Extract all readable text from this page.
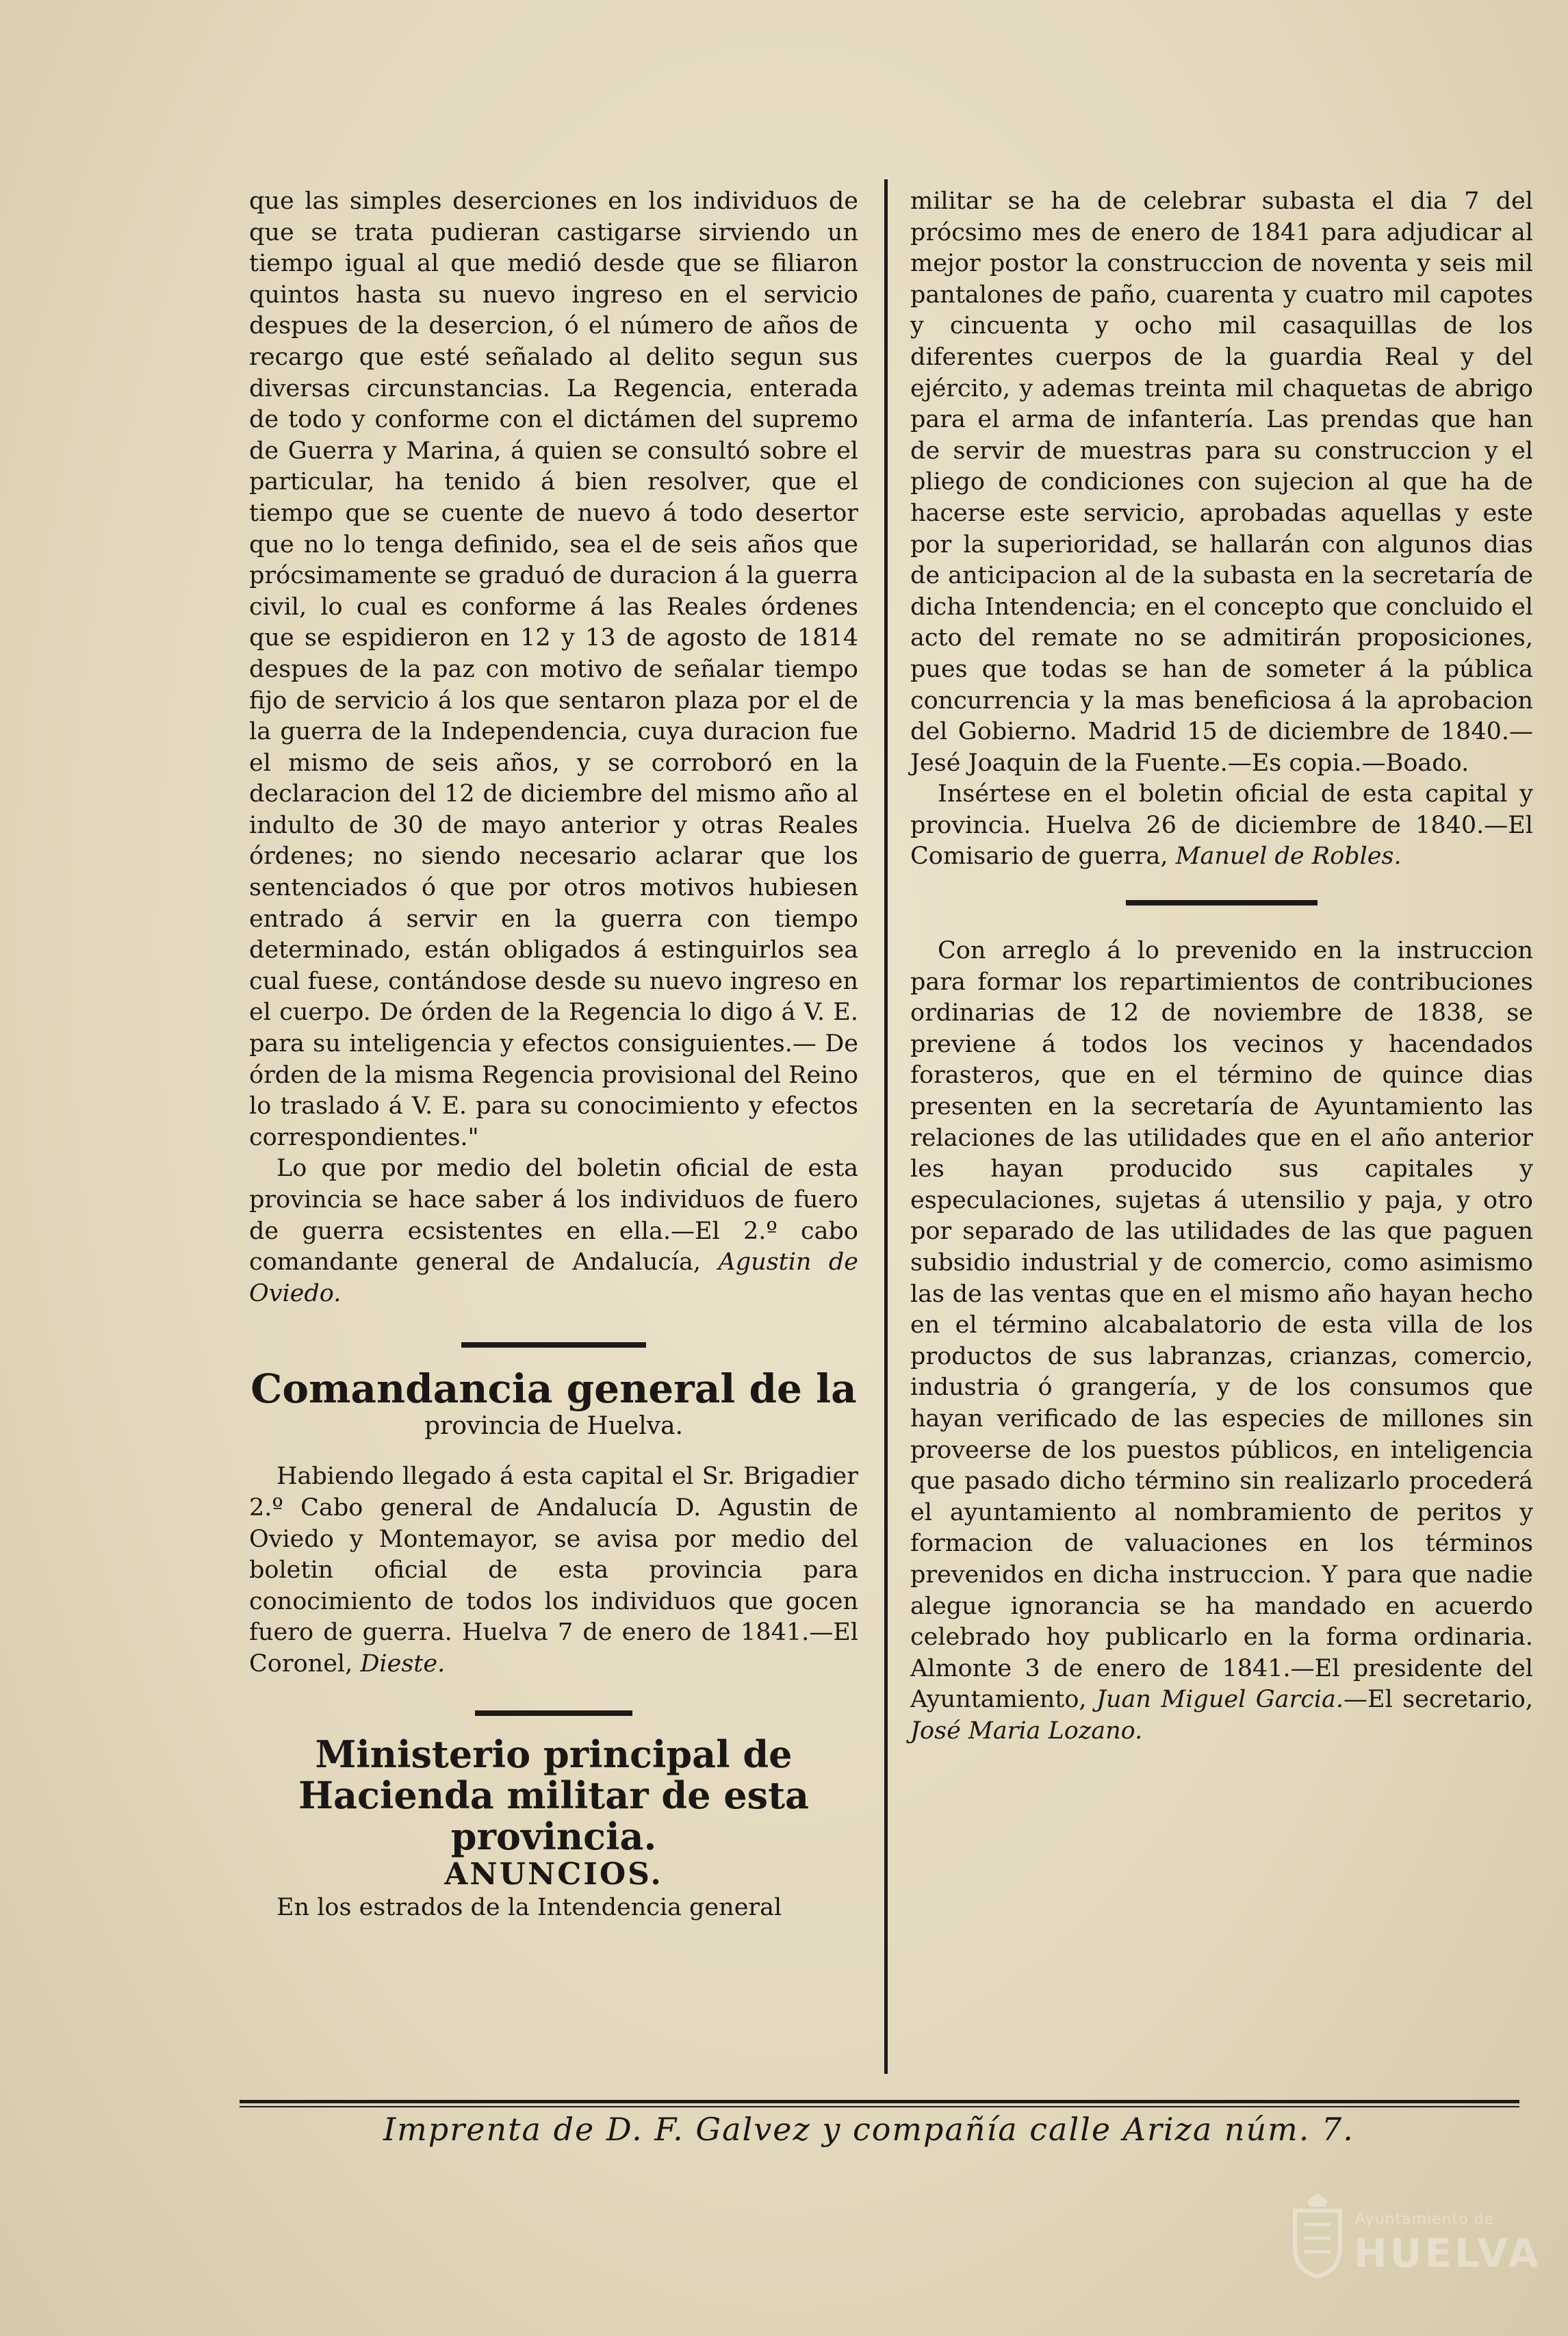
que las simples deserciones en los individuos de que se trata pudieran castigarse sirviendo un tiempo igual al que medió desde que se filiaron quintos hasta su nuevo ingreso en el servicio despues de la desercion, ó el número de años de recargo que esté señalado al delito segun sus diversas circunstancias. La Regencia, enterada de todo y conforme con el dictámen del supremo de Guerra y Marina, á quien se consultó sobre el particular, ha tenido á bien resolver, que el tiempo que se cuente de nuevo á todo desertor que no lo tenga definido, sea el de seis años que prócsimamente se graduó de duracion á la guerra civil, lo cual es conforme á las Reales órdenes que se espidieron en 12 y 13 de agosto de 1814 despues de la paz con motivo de señalar tiempo fijo de servicio á los que sentaron plaza por el de la guerra de la Independencia, cuya duracion fue el mismo de seis años, y se corroboró en la declaracion del 12 de diciembre del mismo año al indulto de 30 de mayo anterior y otras Reales órdenes; no siendo necesario aclarar que los sentenciados ó que por otros motivos hubiesen entrado á servir en la guerra con tiempo determinado, están obligados á estinguirlos sea cual fuese, contándose desde su nuevo ingreso en el cuerpo. De órden de la Regencia lo digo á V. E. para su inteligencia y efectos consiguientes.— De órden de la misma Regencia provisional del Reino lo traslado á V. E. para su conocimiento y efectos correspondientes."

Lo que por medio del boletin oficial de esta provincia se hace saber á los individuos de fuero de guerra ecsistentes en ella.—El 2.º cabo comandante general de Andalucía, Agustin de Oviedo.

Comandancia general de la

provincia de Huelva.

Habiendo llegado á esta capital el Sr. Brigadier 2.º Cabo general de Andalucía D. Agustin de Oviedo y Montemayor, se avisa por medio del boletin oficial de esta provincia para conocimiento de todos los individuos que gocen fuero de guerra. Huelva 7 de enero de 1841.—El Coronel, Dieste.

Ministerio principal de Hacienda militar de esta provincia.

ANUNCIOS.

En los estrados de la Intendencia general

militar se ha de celebrar subasta el dia 7 del prócsimo mes de enero de 1841 para adjudicar al mejor postor la construccion de noventa y seis mil pantalones de paño, cuarenta y cuatro mil capotes y cincuenta y ocho mil casaquillas de los diferentes cuerpos de la guardia Real y del ejército, y ademas treinta mil chaquetas de abrigo para el arma de infantería. Las prendas que han de servir de muestras para su construccion y el pliego de condiciones con sujecion al que ha de hacerse este servicio, aprobadas aquellas y este por la superioridad, se hallarán con algunos dias de anticipacion al de la subasta en la secretaría de dicha Intendencia; en el concepto que concluido el acto del remate no se admitirán proposiciones, pues que todas se han de someter á la pública concurrencia y la mas beneficiosa á la aprobacion del Gobierno. Madrid 15 de diciembre de 1840.—Jesé Joaquin de la Fuente.—Es copia.—Boado.

Insértese en el boletin oficial de esta capital y provincia. Huelva 26 de diciembre de 1840.—El Comisario de guerra, Manuel de Robles.

Con arreglo á lo prevenido en la instruccion para formar los repartimientos de contribuciones ordinarias de 12 de noviembre de 1838, se previene á todos los vecinos y hacendados forasteros, que en el término de quince dias presenten en la secretaría de Ayuntamiento las relaciones de las utilidades que en el año anterior les hayan producido sus capitales y especulaciones, sujetas á utensilio y paja, y otro por separado de las utilidades de las que paguen subsidio industrial y de comercio, como asimismo las de las ventas que en el mismo año hayan hecho en el término alcabalatorio de esta villa de los productos de sus labranzas, crianzas, comercio, industria ó grangería, y de los consumos que hayan verificado de las especies de millones sin proveerse de los puestos públicos, en inteligencia que pasado dicho término sin realizarlo procederá el ayuntamiento al nombramiento de peritos y formacion de valuaciones en los términos prevenidos en dicha instruccion. Y para que nadie alegue ignorancia se ha mandado en acuerdo celebrado hoy publicarlo en la forma ordinaria. Almonte 3 de enero de 1841.—El presidente del Ayuntamiento, Juan Miguel Garcia.—El secretario, José Maria Lozano.

Imprenta de D. F. Galvez y compañía calle Ariza núm. 7.
Ayuntamiento de
HUELVA
